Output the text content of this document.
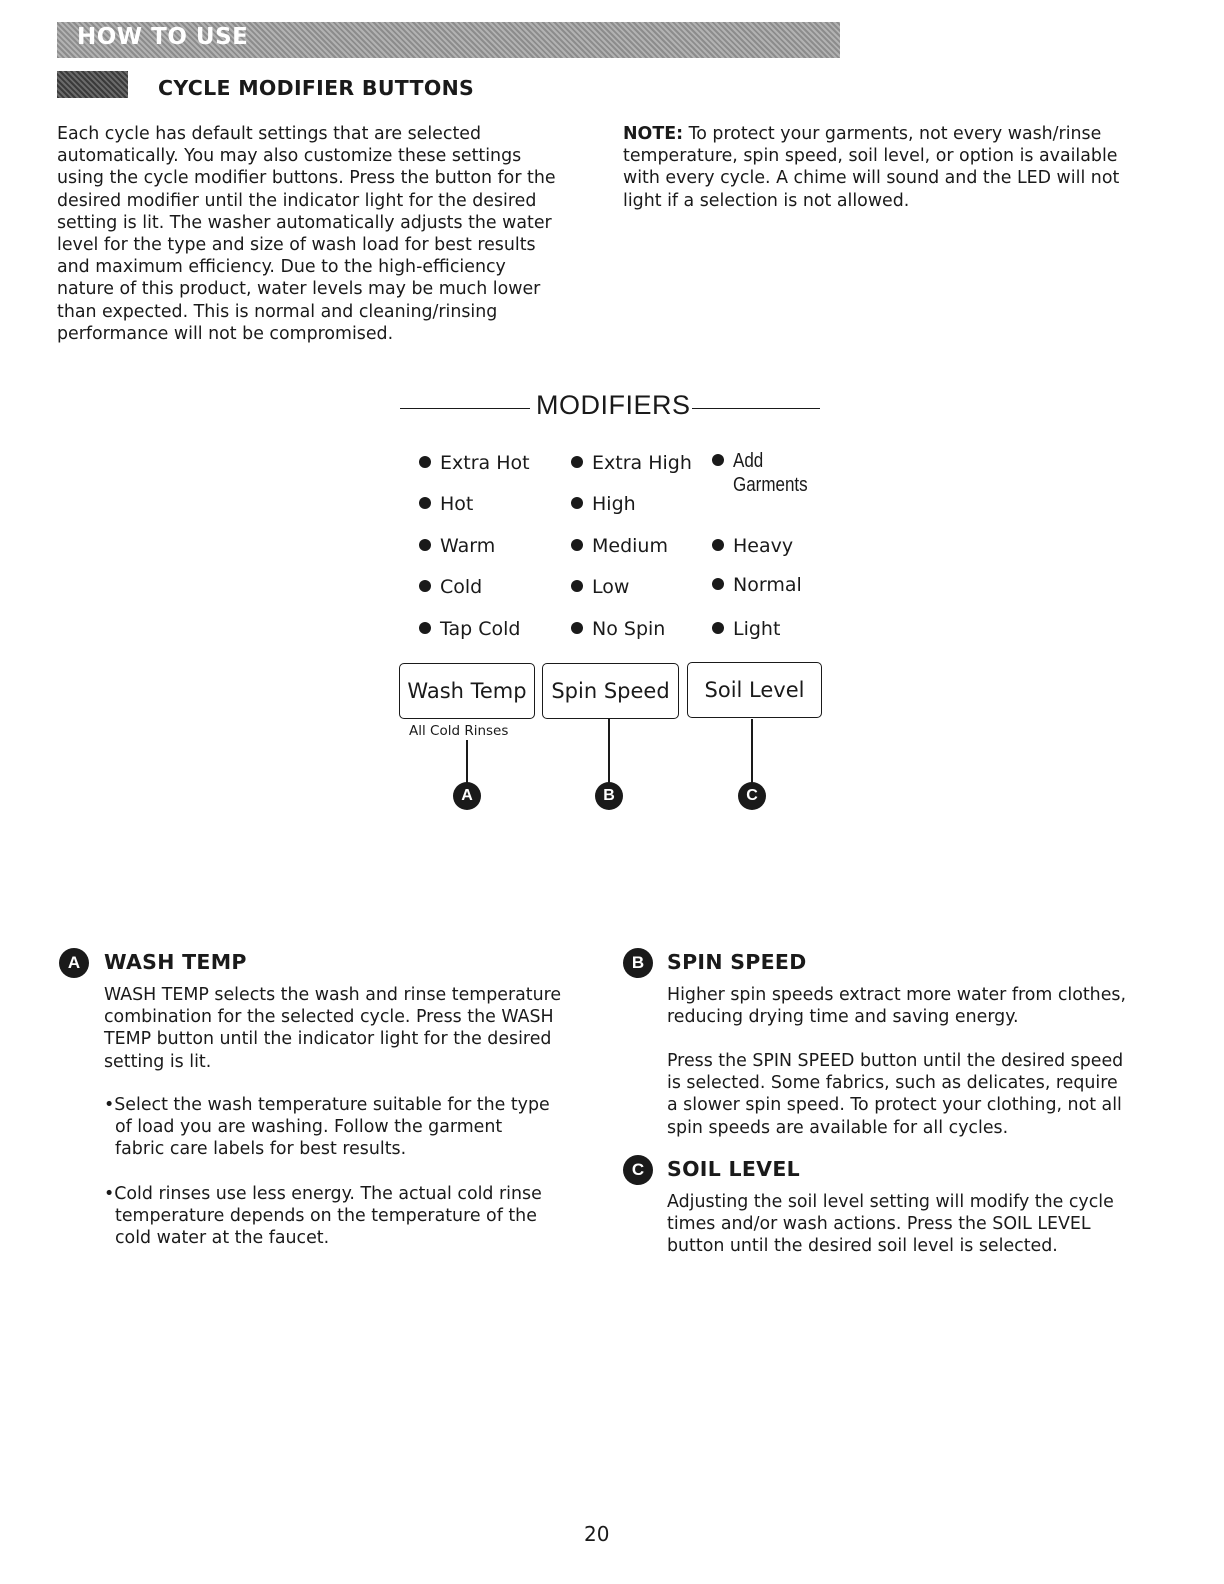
HOW TO USE
CYCLE MODIFIER BUTTONS
Each cycle has default settings that are selected
automatically. You may also customize these settings
using the cycle modifier buttons. Press the button for the
desired modifier until the indicator light for the desired
setting is lit. The washer automatically adjusts the water
level for the type and size of wash load for best results
and maximum efficiency. Due to the high-efficiency
nature of this product, water levels may be much lower
than expected. This is normal and cleaning/rinsing
performance will not be compromised.
NOTE: To protect your garments, not every wash/rinse
temperature, spin speed, soil level, or option is available
with every cycle. A chime will sound and the LED will not
light if a selection is not allowed.
MODIFIERS
Extra Hot
Hot
Warm
Cold
Tap Cold
Extra High
High
Medium
Low
No Spin
Add
Garments
Heavy
Normal
Light
Wash Temp	Spin Speed	Soil Level
All Cold Rinses
A	B	C
A	WASH TEMP
WASH TEMP selects the wash and rinse temperature
combination for the selected cycle. Press the WASH
TEMP button until the indicator light for the desired
setting is lit.
•Select the wash temperature suitable for the type
of load you are washing. Follow the garment
fabric care labels for best results.
•Cold rinses use less energy. The actual cold rinse
temperature depends on the temperature of the
cold water at the faucet.
B	SPIN SPEED
Higher spin speeds extract more water from clothes,
reducing drying time and saving energy.
Press the SPIN SPEED button until the desired speed
is selected. Some fabrics, such as delicates, require
a slower spin speed. To protect your clothing, not all
spin speeds are available for all cycles.
C	SOIL LEVEL
Adjusting the soil level setting will modify the cycle
times and/or wash actions. Press the SOIL LEVEL
button until the desired soil level is selected.
20
